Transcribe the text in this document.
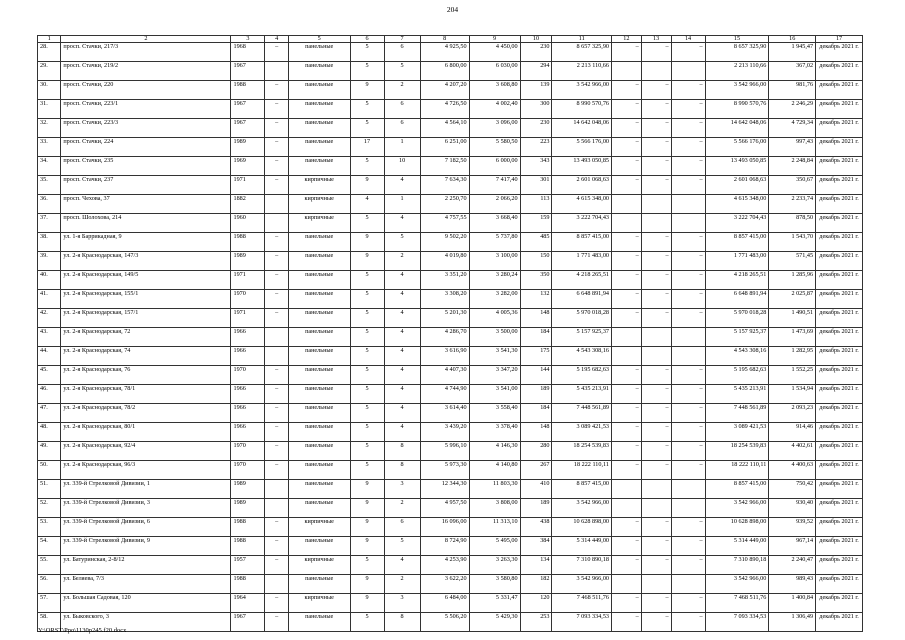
204
1	2	3	4	5	6	7	8	9	10	11	12	13	14	15	16	17
28.	просп. Стачки, 217/3	1968	–	панельные	5	6	4 925,50	4 450,00	230	8 657 325,90	–	–	–	8 657 325,90	1 945,47	декабрь 2021 г.
29.	просп. Стачки, 219/2	1967		панельные	5	5	6 800,00	6 030,00	294	2 213 110,66				2 213 110,66	367,02	декабрь 2021 г.
30.	просп. Стачки, 220	1988	–	панельные	9	2	4 207,20	3 608,80	139	3 542 966,00	–	–	–	3 542 966,00	981,76	декабрь 2021 г.
31.	просп. Стачки, 223/1	1967	–	панельные	5	6	4 726,50	4 002,40	300	8 990 570,76	–	–	–	8 990 570,76	2 246,29	декабрь 2021 г.
32.	просп. Стачки, 223/3	1967	–	панельные	5	6	4 564,10	3 096,00	230	14 642 048,06	–	–	–	14 642 048,06	4 729,34	декабрь 2021 г.
33.	просп. Стачки, 224	1989	–	панельные	17	1	6 251,00	5 580,50	223	5 566 176,00	–	–	–	5 566 176,00	997,43	декабрь 2021 г.
34.	просп. Стачки, 235	1969	–	панельные	5	10	7 182,50	6 000,00	343	13 493 050,85	–	–	–	13 493 050,85	2 248,84	декабрь 2021 г.
35.	просп. Стачки, 237	1971	–	кирпичные	9	4	7 634,30	7 417,40	301	2 601 068,63	–	–	–	2 601 068,63	350,67	декабрь 2021 г.
36.	просп. Чехова, 37	1882		кирпичные	4	1	2 250,70	2 066,20	113	4 615 348,00				4 615 348,00	2 233,74	декабрь 2021 г.
37.	просп. Шолохова, 214	1960		кирпичные	5	4	4 757,55	3 668,40	159	3 222 704,43				3 222 704,43	878,50	декабрь 2021 г.
38.	ул. 1-я Баррикадная, 9	1988	–	панельные	9	5	9 502,20	5 737,80	485	8 857 415,00	–	–	–	8 857 415,00	1 543,70	декабрь 2021 г.
39.	ул. 2-я Краснодарская, 147/3	1989	–	панельные	9	2	4 019,80	3 100,00	150	1 771 483,00	–	–	–	1 771 483,00	571,45	декабрь 2021 г.
40.	ул. 2-я Краснодарская, 149/5	1971	–	панельные	5	4	3 351,20	3 280,24	350	4 218 265,51	–	–	–	4 218 265,51	1 285,96	декабрь 2021 г.
41.	ул. 2-я Краснодарская, 155/1	1970	–	панельные	5	4	3 308,20	3 282,00	132	6 648 891,94	–	–	–	6 648 891,94	2 025,87	декабрь 2021 г.
42.	ул. 2-я Краснодарская, 157/1	1971	–	панельные	5	4	5 201,30	4 005,36	148	5 970 018,28	–	–	–	5 970 018,28	1 490,51	декабрь 2021 г.
43.	ул. 2-я Краснодарская, 72	1966		панельные	5	4	4 286,70	3 500,00	184	5 157 925,37				5 157 925,37	1 473,69	декабрь 2021 г.
44.	ул. 2-я Краснодарская, 74	1966		панельные	5	4	3 616,90	3 541,30	175	4 543 308,16				4 543 308,16	1 282,95	декабрь 2021 г.
45.	ул. 2-я Краснодарская, 76	1970	–	панельные	5	4	4 407,30	3 347,20	144	5 195 682,63	–	–	–	5 195 682,63	1 552,25	декабрь 2021 г.
46.	ул. 2-я Краснодарская, 78/1	1966	–	панельные	5	4	4 744,90	3 541,00	189	5 435 213,91	–	–	–	5 435 213,91	1 534,94	декабрь 2021 г.
47.	ул. 2-я Краснодарская, 78/2	1966	–	панельные	5	4	3 614,40	3 558,40	184	7 448 561,89	–	–	–	7 448 561,89	2 093,23	декабрь 2021 г.
48.	ул. 2-я Краснодарская, 80/1	1966	–	панельные	5	4	3 439,20	3 378,40	148	3 089 421,53	–	–	–	3 089 421,53	914,46	декабрь 2021 г.
49.	ул. 2-я Краснодарская, 92/4	1970	–	панельные	5	8	5 996,10	4 146,30	280	18 254 539,83	–	–	–	18 254 539,83	4 402,61	декабрь 2021 г.
50.	ул. 2-я Краснодарская, 96/3	1970	–	панельные	5	8	5 973,30	4 140,80	267	18 222 110,11	–	–	–	18 222 110,11	4 400,63	декабрь 2021 г.
51.	ул. 339-й Стрелковой Дивизии, 1	1989		панельные	9	3	12 344,30	11 803,30	410	8 857 415,00				8 857 415,00	750,42	декабрь 2021 г.
52.	ул. 339-й Стрелковой Дивизии, 3	1989		панельные	9	2	4 957,50	3 808,00	189	3 542 966,00				3 542 966,00	930,40	декабрь 2021 г.
53.	ул. 339-й Стрелковой Дивизии, 6	1988	–	кирпичные	9	6	16 096,00	11 313,10	438	10 628 898,00	–	–	–	10 628 898,00	939,52	декабрь 2021 г.
54.	ул. 339-й Стрелковой Дивизии, 9	1988	–	панельные	9	5	8 724,90	5 495,00	384	5 314 449,00	–	–	–	5 314 449,00	967,14	декабрь 2021 г.
55.	ул. Батуринская, 2-8/12	1957	–	кирпичные	5	4	4 253,90	3 263,30	134	7 310 890,18	–	–	–	7 310 890,18	2 240,47	декабрь 2021 г.
56.	ул. Беляева, 7/3	1988		панельные	9	2	3 622,20	3 580,80	182	3 542 966,00				3 542 966,00	989,43	декабрь 2021 г.
57.	ул. Большая Садовая, 120	1964	–	кирпичные	9	3	6 484,00	5 331,47	120	7 468 511,76	–	–	–	7 468 511,76	1 400,84	декабрь 2021 г.
58.	ул. Быковского, 3	1967	–	панельные	5	8	5 506,20	5 429,30	253	7 093 334,53	–	–	–	7 093 334,53	1 306,49	декабрь 2021 г.
Y:\ORST\Ppo\1130p245.f20.docx
